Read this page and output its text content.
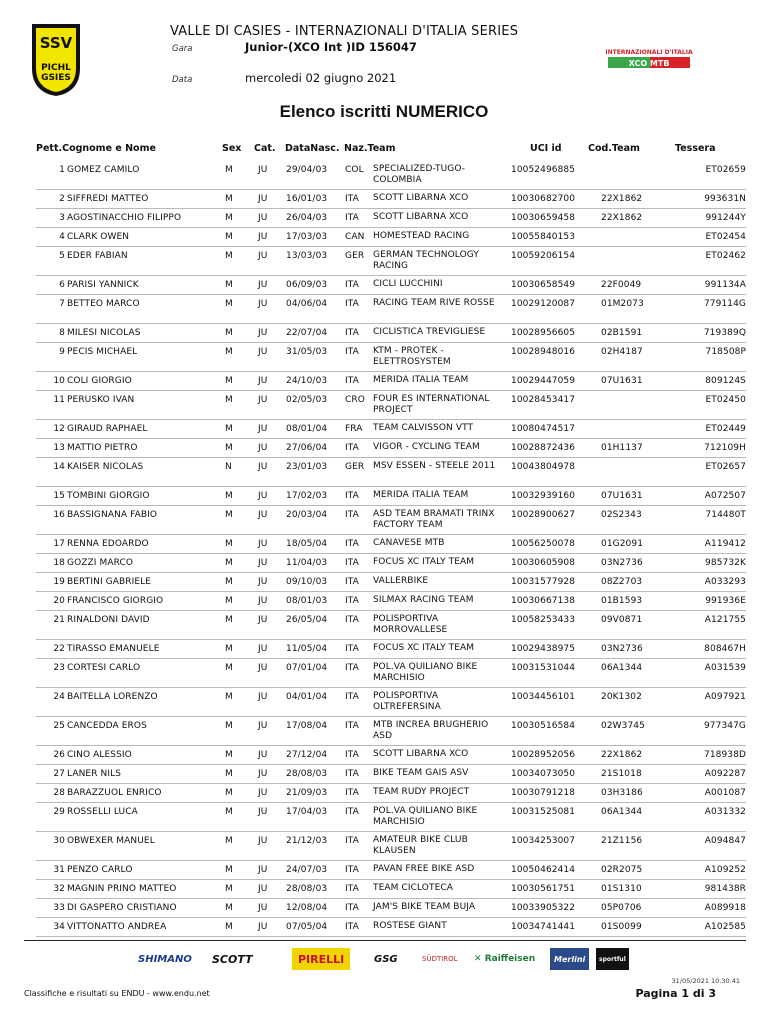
SSV
PICHL
GSIES
VALLE DI CASIES - INTERNAZIONALI D'ITALIA SERIES
Gara	Junior-(XCO Int )ID 156047
Data	mercoledi 02 giugno 2021
INTERNAZIONALI D'ITALIA
XCO MTB
Elenco iscritti NUMERICO
Pett.Cognome e Nome	Sex Cat. DataNasc. Naz.Team	UCI id	Cod.Team	Tessera
1 GOMEZ CAMILO	M	JU 29/04/03 COL SPECIALIZED-TUGO-COLOMBIA
10052496885	ET02659
2 SIFFREDI MATTEO	M	JU 16/01/03 ITA SCOTT LIBARNA XCO	10030682700	22X1862	993631N
3 AGOSTINACCHIO FILIPPO	M	JU 26/04/03 ITA SCOTT LIBARNA XCO	10030659458	22X1862	991244Y
4 CLARK OWEN	M	JU 17/03/03 CAN HOMESTEAD RACING	10055840153	ET02454
5 EDER FABIAN	M	JU 13/03/03 GER GERMAN TECHNOLOGY RACING
10059206154	ET02462
6 PARISI YANNICK	M	JU 06/09/03 ITA CICLI LUCCHINI	10030658549	22F0049	991134A
7 BETTEO MARCO	M	JU 04/06/04 ITA RACING TEAM RIVE ROSSE	10029120087	01M2073	779114G
8 MILESI NICOLAS	M	JU 22/07/04 ITA CICLISTICA TREVIGLIESE	10028956605	02B1591	719389Q
9 PECIS MICHAEL	M	JU 31/05/03 ITA KTM - PROTEK - ELETTROSYSTEM
10028948016	02H4187	718508P
10 COLI GIORGIO	M	JU 24/10/03 ITA MERIDA ITALIA TEAM	10029447059	07U1631	809124S
11 PERUSKO IVAN	M	JU 02/05/03 CRO FOUR ES INTERNATIONAL PROJECT
10028453417	ET02450
12 GIRAUD RAPHAEL	M	JU 08/01/04 FRA TEAM CALVISSON VTT	10080474517	ET02449
13 MATTIO PIETRO	M	JU 27/06/04 ITA VIGOR - CYCLING TEAM	10028872436	01H1137	712109H
14 KAISER NICOLAS	N	JU 23/01/03 GER MSV ESSEN - STEELE 2011	10043804978	ET02657
15 TOMBINI GIORGIO	M	JU 17/02/03 ITA MERIDA ITALIA TEAM	10032939160	07U1631	A072507
16 BASSIGNANA FABIO	M	JU 20/03/04 ITA ASD TEAM BRAMATI TRINX FACTORY TEAM
10028900627	02S2343	714480T
17 RENNA EDOARDO	M	JU 18/05/04 ITA CANAVESE MTB	10056250078	01G2091	A119412
18 GOZZI MARCO	M	JU 11/04/03 ITA FOCUS XC ITALY TEAM	10030605908	03N2736	985732K
19 BERTINI GABRIELE	M	JU 09/10/03 ITA VALLERBIKE	10031577928	08Z2703	A033293
20 FRANCISCO GIORGIO	M	JU 08/01/03 ITA SILMAX RACING TEAM	10030667138	01B1593	991936E
21 RINALDONI DAVID	M	JU 26/05/04 ITA POLISPORTIVA MORROVALLESE
10058253433	09V0871	A121755
22 TIRASSO EMANUELE	M	JU 11/05/04 ITA FOCUS XC ITALY TEAM	10029438975	03N2736	808467H
23 CORTESI CARLO	M	JU 07/01/04 ITA POL.VA QUILIANO BIKE MARCHISIO
10031531044	06A1344	A031539
24 BAITELLA LORENZO	M	JU 04/01/04 ITA POLISPORTIVA OLTREFERSINA
10034456101	20K1302	A097921
25 CANCEDDA EROS	M	JU 17/08/04 ITA MTB INCREA BRUGHERIO ASD
10030516584	02W3745	977347G
26 CINO ALESSIO	M	JU 27/12/04 ITA SCOTT LIBARNA XCO	10028952056	22X1862	718938D
27 LANER NILS	M	JU 28/08/03 ITA BIKE TEAM GAIS ASV	10034073050	21S1018	A092287
28 BARAZZUOL ENRICO	M	JU 21/09/03 ITA TEAM RUDY PROJECT	10030791218	03H3186	A001087
29 ROSSELLI LUCA	M	JU 17/04/03 ITA POL.VA QUILIANO BIKE MARCHISIO
10031525081	06A1344	A031332
30 OBWEXER MANUEL	M	JU 21/12/03 ITA AMATEUR BIKE CLUB KLAUSEN
10034253007	21Z1156	A094847
31 PENZO CARLO	M	JU 24/07/03 ITA PAVAN FREE BIKE ASD	10050462414	02R2075	A109252
32 MAGNIN PRINO MATTEO	M	JU 28/08/03 ITA TEAM CICLOTECA	10030561751	01S1310	981438R
33 DI GASPERO CRISTIANO	M	JU 12/08/04 ITA JAM'S BIKE TEAM BUJA	10033905322	05P0706	A089918
34 VITTONATTO ANDREA	M	JU 07/05/04 ITA ROSTESE GIANT	10034741441	01S0099	A102585
SHIMANO SCOTT	PIRELLI	GSG	SÜDTIROL ✕ Raiffeisen	Merlini	sportful
Classifiche e risultati su ENDU - www.endu.net
31/05/2021 10.30.41
Pagina 1 di 3
